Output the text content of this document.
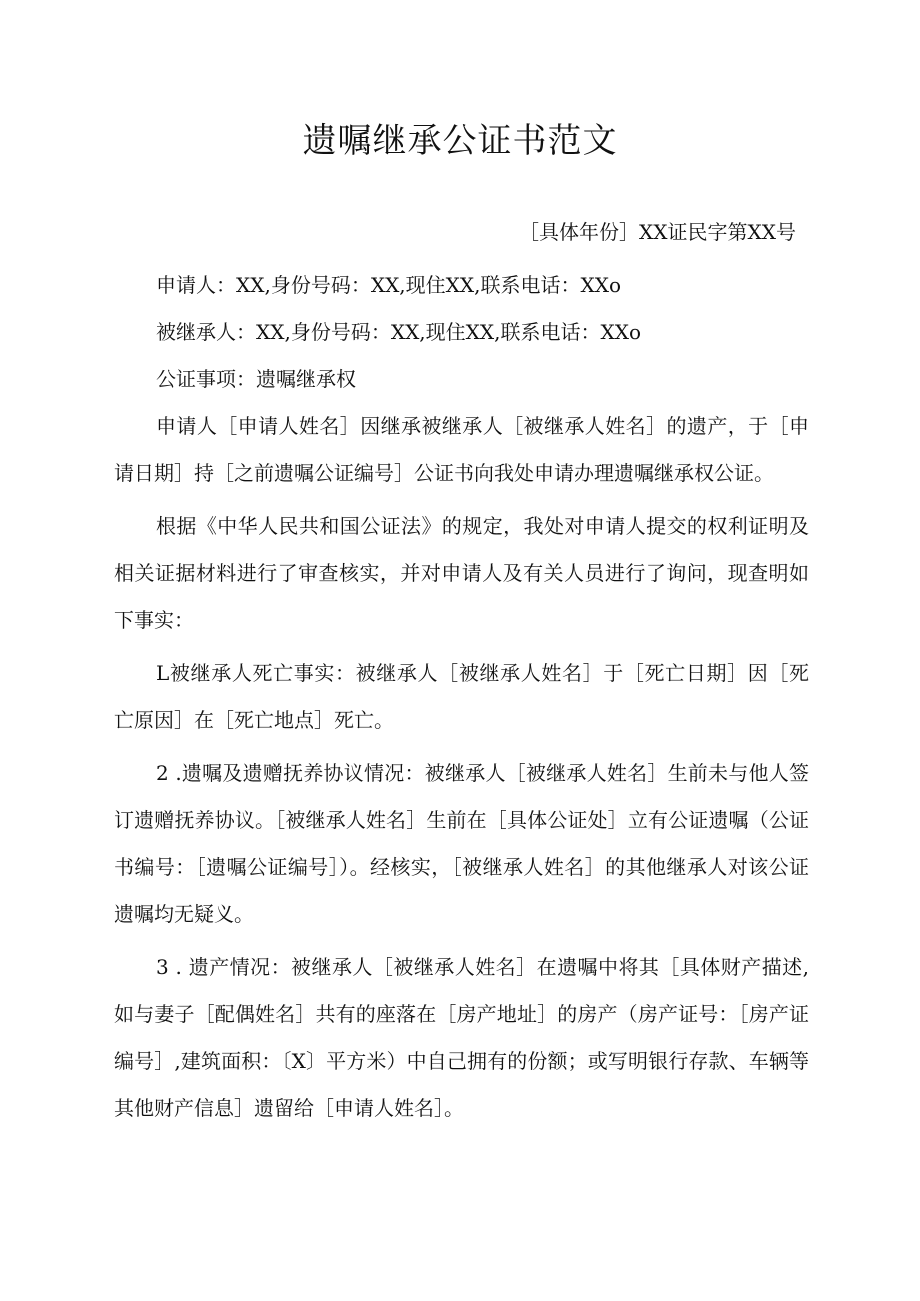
遗嘱继承公证书范文
［具体年份］XX证民字第XX号

申请人：XX,身份号码：XX,现住XX,联系电话：XXo

被继承人：XX,身份号码：XX,现住XX,联系电话：XXo

公证事项：遗嘱继承权

申请人［申请人姓名］因继承被继承人［被继承人姓名］的遗产，于［申请日期］持［之前遗嘱公证编号］公证书向我处申请办理遗嘱继承权公证。

根据《中华人民共和国公证法》的规定，我处对申请人提交的权利证明及相关证据材料进行了审查核实，并对申请人及有关人员进行了询问，现查明如下事实：

L被继承人死亡事实：被继承人［被继承人姓名］于［死亡日期］因［死亡原因］在［死亡地点］死亡。

2 .遗嘱及遗赠抚养协议情况：被继承人［被继承人姓名］生前未与他人签订遗赠抚养协议。［被继承人姓名］生前在［具体公证处］立有公证遗嘱（公证书编号：［遗嘱公证编号］）。经核实，［被继承人姓名］的其他继承人对该公证遗嘱均无疑义。

3 . 遗产情况：被继承人［被继承人姓名］在遗嘱中将其［具体财产描述,如与妻子［配偶姓名］共有的座落在［房产地址］的房产（房产证号：［房产证编号］,建筑面积：〔X〕平方米）中自己拥有的份额；或写明银行存款、车辆等其他财产信息］遗留给［申请人姓名］。
